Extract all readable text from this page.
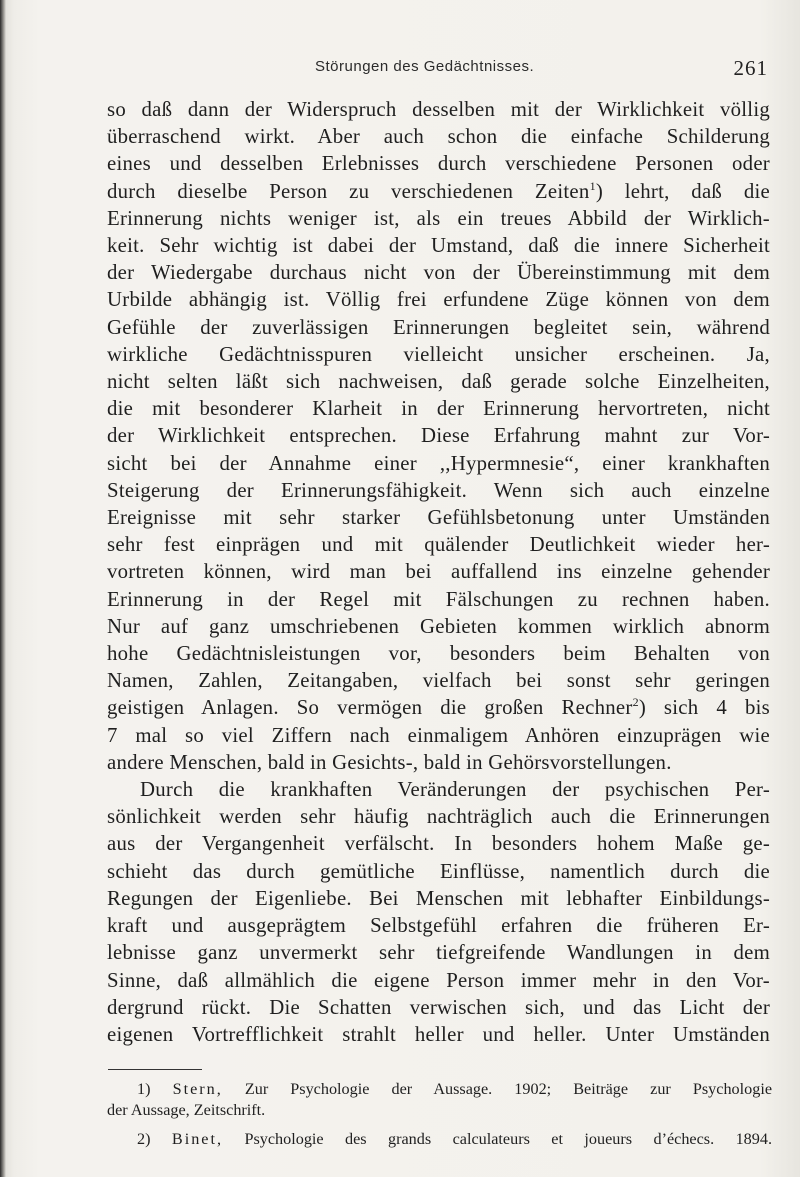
Störungen des Gedächtnisses.	261
so daß dann der Widerspruch desselben mit der Wirklichkeit völlig
überraschend wirkt. Aber auch schon die einfache Schilderung
eines und desselben Erlebnisses durch verschiedene Personen oder
durch dieselbe Person zu verschiedenen Zeiten$^1$) lehrt, daß die
Erinnerung nichts weniger ist, als ein treues Abbild der Wirklich-
keit. Sehr wichtig ist dabei der Umstand, daß die innere Sicherheit
der Wiedergabe durchaus nicht von der Übereinstimmung mit dem
Urbilde abhängig ist. Völlig frei erfundene Züge können von dem
Gefühle der zuverlässigen Erinnerungen begleitet sein, während
wirkliche Gedächtnisspuren vielleicht unsicher erscheinen. Ja,
nicht selten läßt sich nachweisen, daß gerade solche Einzelheiten,
die mit besonderer Klarheit in der Erinnerung hervortreten, nicht
der Wirklichkeit entsprechen. Diese Erfahrung mahnt zur Vor-
sicht bei der Annahme einer ,,Hypermnesie“, einer krankhaften
Steigerung der Erinnerungsfähigkeit. Wenn sich auch einzelne
Ereignisse mit sehr starker Gefühlsbetonung unter Umständen
sehr fest einprägen und mit quälender Deutlichkeit wieder her-
vortreten können, wird man bei auffallend ins einzelne gehender
Erinnerung in der Regel mit Fälschungen zu rechnen haben.
Nur auf ganz umschriebenen Gebieten kommen wirklich abnorm
hohe Gedächtnisleistungen vor, besonders beim Behalten von
Namen, Zahlen, Zeitangaben, vielfach bei sonst sehr geringen
geistigen Anlagen. So vermögen die großen Rechner$^2$) sich 4 bis
7 mal so viel Ziffern nach einmaligem Anhören einzuprägen wie
andere Menschen, bald in Gesichts-, bald in Gehörsvorstellungen.
Durch die krankhaften Veränderungen der psychischen Per-
sönlichkeit werden sehr häufig nachträglich auch die Erinnerungen
aus der Vergangenheit verfälscht. In besonders hohem Maße ge-
schieht das durch gemütliche Einflüsse, namentlich durch die
Regungen der Eigenliebe. Bei Menschen mit lebhafter Einbildungs-
kraft und ausgeprägtem Selbstgefühl erfahren die früheren Er-
lebnisse ganz unvermerkt sehr tiefgreifende Wandlungen in dem
Sinne, daß allmählich die eigene Person immer mehr in den Vor-
dergrund rückt. Die Schatten verwischen sich, und das Licht der
eigenen Vortrefflichkeit strahlt heller und heller. Unter Umständen
1) Stern, Zur Psychologie der Aussage. 1902; Beiträge zur Psychologie
der Aussage, Zeitschrift.
2) Binet, Psychologie des grands calculateurs et joueurs d’échecs. 1894.
